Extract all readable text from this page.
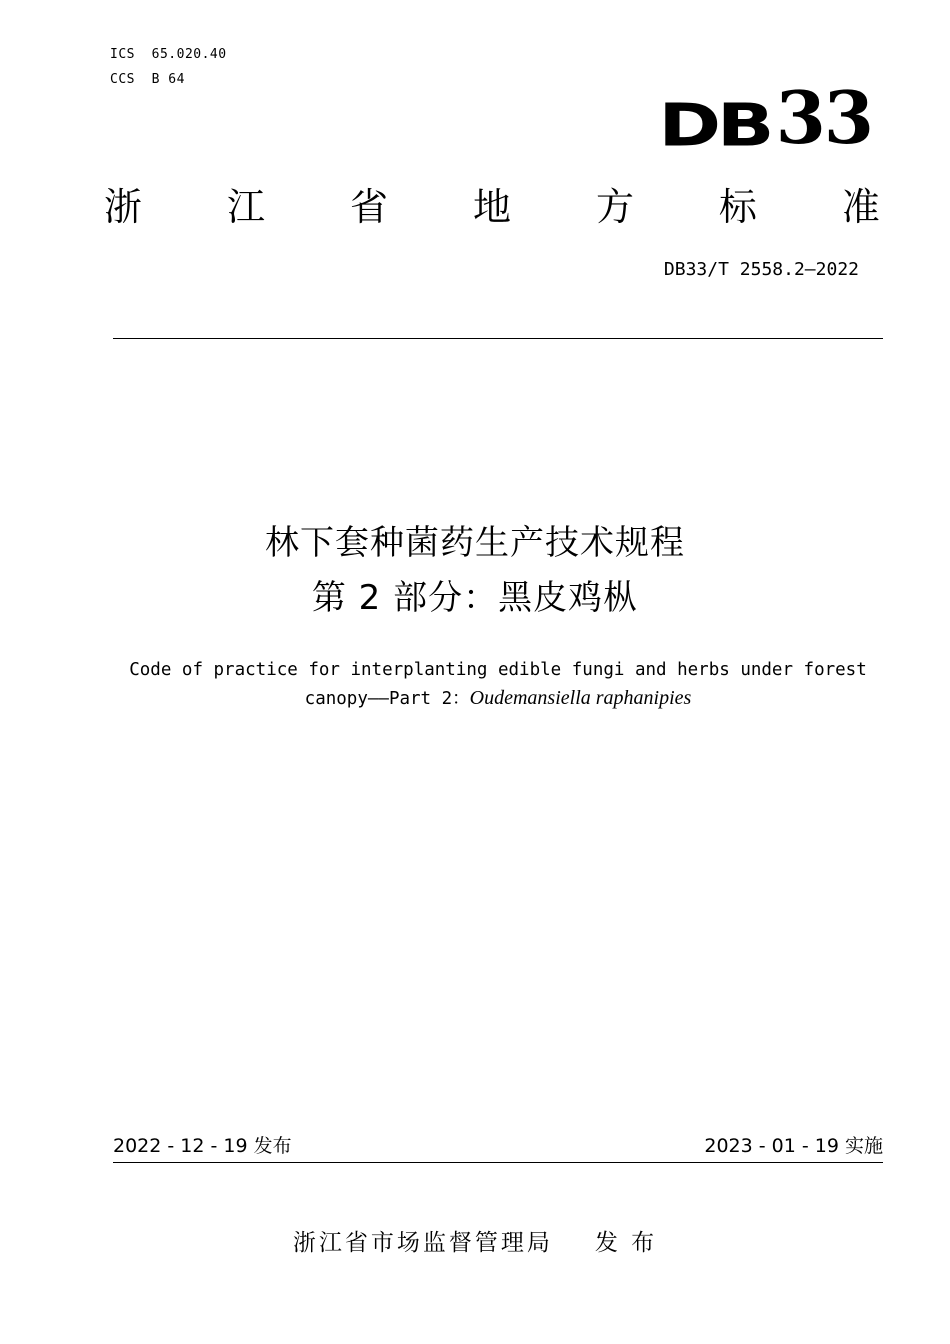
ICS  65.020.40
CCS  B 64
DB33
浙 江 省 地 方 标 准
DB33/T 2558.2—2022
林下套种菌药生产技术规程
第 2 部分：黑皮鸡枞
Code of practice for interplanting edible fungi and herbs under forest
canopy——Part 2：Oudemansiella raphanipies
2022 - 12 - 19 发布	2023 - 01 - 19 实施
浙江省市场监督管理局 发 布
